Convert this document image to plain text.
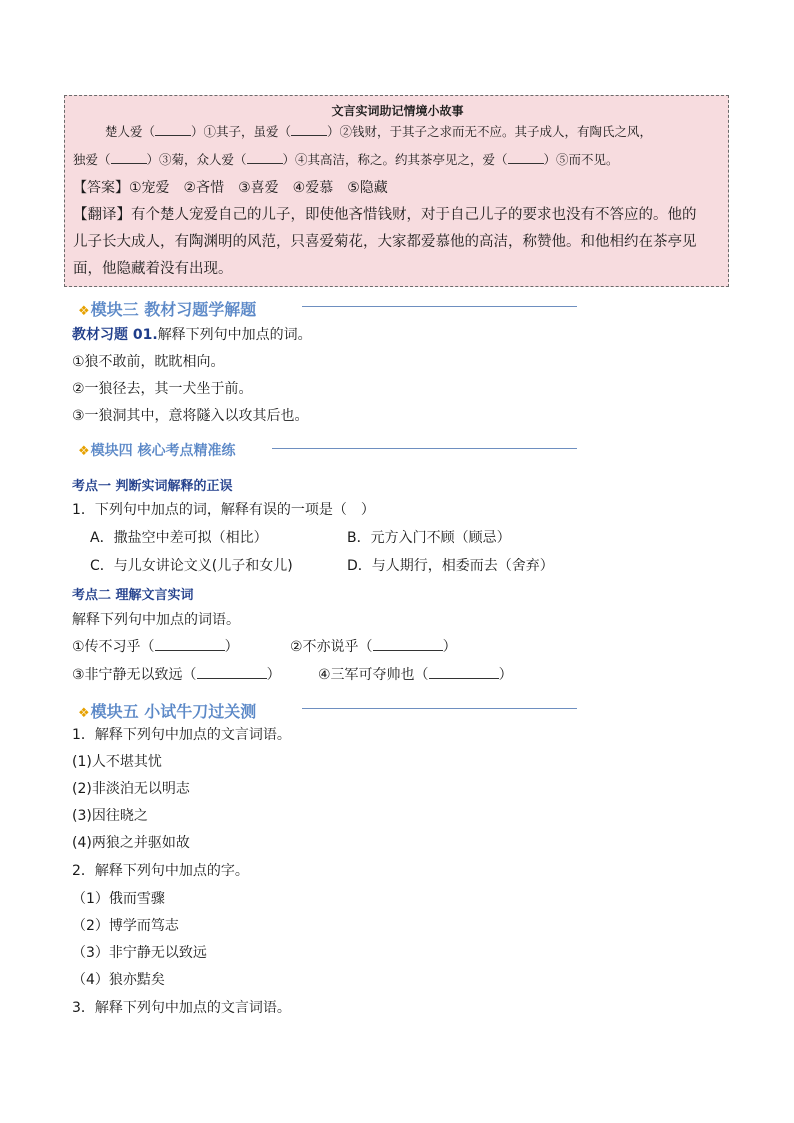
文言实词助记情境小故事
楚人爱（	）①其子，虽爱（	）②钱财，于其子之求而无不应。其子成人，有陶氏之风，
独爱（	）③菊，众人爱（	）④其高洁，称之。约其茶亭见之，爱（	）⑤而不见。
【答案】①宠爱　②吝惜　③喜爱　④爱慕　⑤隐藏
【翻译】有个楚人宠爱自己的儿子，即使他吝惜钱财，对于自己儿子的要求也没有不答应的。他的
儿子长大成人，有陶渊明的风范，只喜爱菊花，大家都爱慕他的高洁，称赞他。和他相约在茶亭见
面，他隐藏着没有出现。
❖ 模块三 教材习题学解题
教材习题 01.解释下列句中加点的词。
①狼不敢前，眈眈相向。
②一狼径去，其一犬坐于前。
③一狼洞其中，意将隧入以攻其后也。
❖ 模块四 核心考点精准练
考点一 判断实词解释的正误
1．下列句中加点的词，解释有误的一项是（　）
A．撒盐空中差可拟（相比）	B．元方入门不顾（顾忌）
C．与儿女讲论文义(儿子和女儿)	D．与人期行，相委而去（舍弃）
考点二 理解文言实词
解释下列句中加点的词语。
①传不习乎（	）	②不亦说乎（	）
③非宁静无以致远（	）	④三军可夺帅也（	）
❖ 模块五 小试牛刀过关测
1．解释下列句中加点的文言词语。
(1)人不堪其忧
(2)非淡泊无以明志
(3)因往晓之
(4)两狼之并驱如故
2．解释下列句中加点的字。
（1）俄而雪骤
（2）博学而笃志
（3）非宁静无以致远
（4）狼亦黠矣
3．解释下列句中加点的文言词语。
